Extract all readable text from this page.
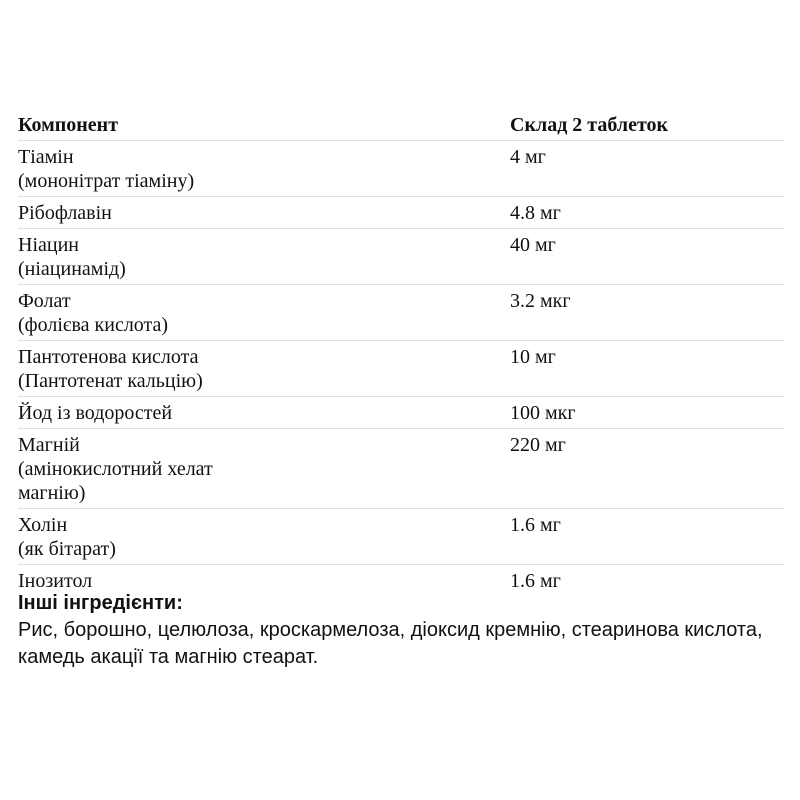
Компонент	Склад 2 таблеток

Тіамін
(мононітрат тіаміну)	4 мг

Рібофлавін	4.8 мг

Ніацин
(ніацинамід)	40 мг

Фолат
(фолієва кислота)	3.2 мкг

Пантотенова кислота
(Пантотенат кальцію)	10 мг

Йод із водоростей	100 мкг

Магній
(амінокислотний хелат
магнію)	220 мг

Холін
(як бітарат)	1.6 мг

Інозитол	1.6 мг
Інші інгредієнти:
Рис, борошно, целюлоза, кроскармелоза, діоксид кремнію, стеаринова кислота, камедь акації та магнію стеарат.
